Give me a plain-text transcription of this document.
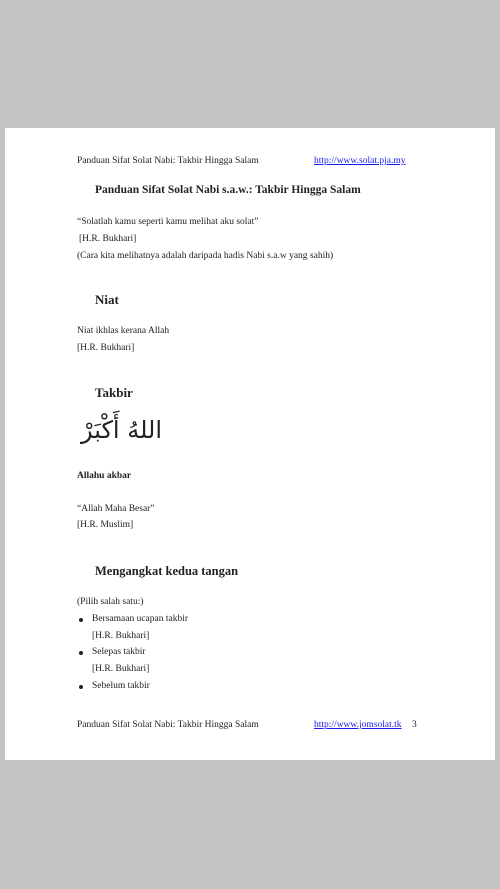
Panduan Sifat Solat Nabi: Takbir Hingga Salam	http://www.solat.pja.my
Panduan Sifat Solat Nabi s.a.w.: Takbir Hingga Salam
“Solatlah kamu seperti kamu melihat aku solat”
[H.R. Bukhari]
(Cara kita melihatnya adalah daripada hadis Nabi s.a.w yang sahih)
Niat
Niat ikhlas kerana Allah
[H.R. Bukhari]
Takbir
اللهُ أَكْبَرْ
Allahu akbar
“Allah Maha Besar”
[H.R. Muslim]
Mengangkat kedua tangan
(Pilih salah satu:)
Bersamaan ucapan takbir
[H.R. Bukhari]
Selepas takbir
[H.R. Bukhari]
Sebelum takbir
Panduan Sifat Solat Nabi: Takbir Hingga Salam	http://www.jomsolat.tk 3
